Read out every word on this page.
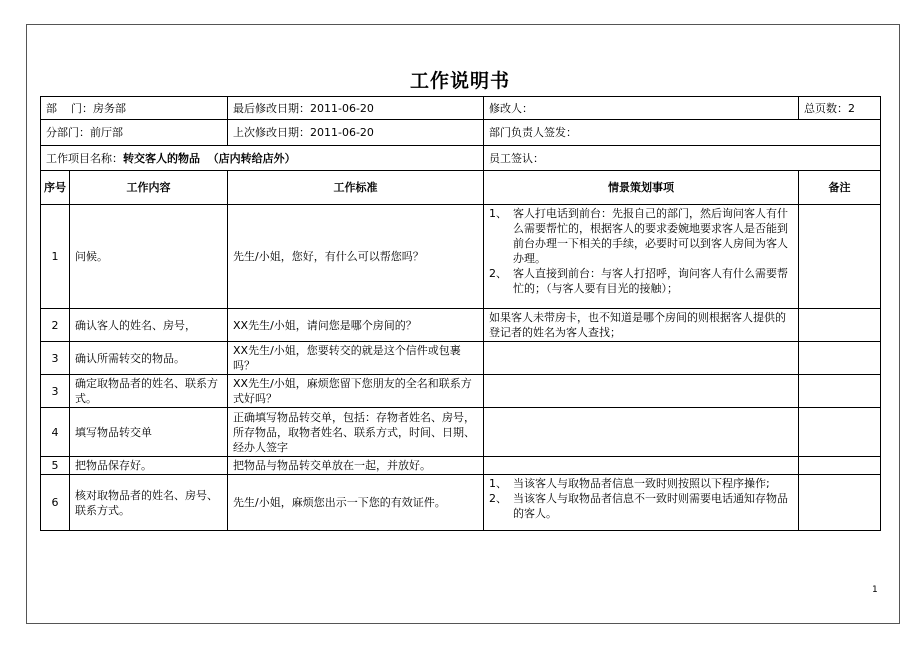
工作说明书
部    门：房务部		最后修改日期：2011-06-20	修改人：	总页数：2
分部门：前厅部		上次修改日期：2011-06-20	部门负责人签发：	
工作项目名称：转交客人的物品  （店内转给店外）			员工签认：	
序号	工作内容	工作标准	情景策划事项	备注
1	问候。	先生/小姐，您好，有什么可以帮您吗？	1、 客人打电话到前台：先报自己的部门，然后询问客人有什么需要帮忙的，根据客人的要求委婉地要求客人是否能到前台办理一下相关的手续，必要时可以到客人房间为客人办理。
2、 客人直接到前台：与客人打招呼，询问客人有什么需要帮忙的；（与客人要有目光的接触）；	

2	确认客人的姓名、房号，	XX先生/小姐，请问您是哪个房间的？	如果客人未带房卡，也不知道是哪个房间的则根据客人提供的登记者的姓名为客人查找；	
3	确认所需转交的物品。	XX先生/小姐，您要转交的就是这个信件或包裹吗？		
3	确定取物品者的姓名、联系方式。	XX先生/小姐，麻烦您留下您朋友的全名和联系方式好吗？		
4	填写物品转交单	正确填写物品转交单，包括：存物者姓名、房号，所存物品，取物者姓名、联系方式，时间、日期、经办人签字		
5	把物品保存好。	把物品与物品转交单放在一起，并放好。		
6	核对取物品者的姓名、房号、联系方式。	先生/小姐，麻烦您出示一下您的有效证件。	1、 当该客人与取物品者信息一致时则按照以下程序操作;
2、 当该客人与取物品者信息不一致时则需要电话通知存物品的客人。	

1
